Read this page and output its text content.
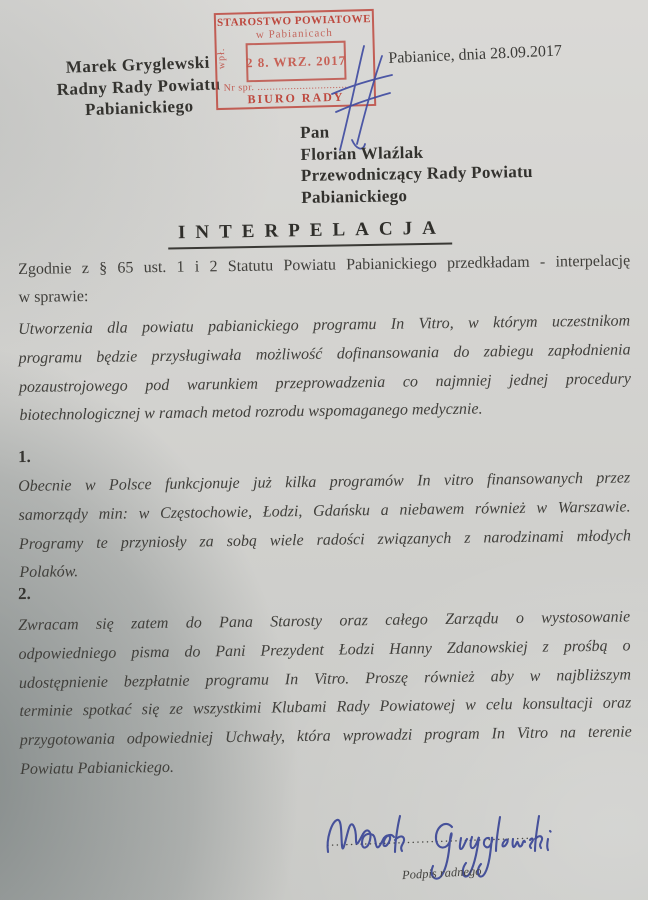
Marek Gryglewski
Radny Rady Powiatu
Pabianickiego
Pabianice, dnia 28.09.2017
STAROSTWO POWIATOWE
w Pabianicach
wpł. 2 8. WRZ. 2017
Nr spr. ..............................
BIURO RADY
Pan
Florian Wlaźlak
Przewodniczący Rady Powiatu
Pabianickiego
INTERPELACJA
Zgodnie z § 65 ust. 1 i 2 Statutu Powiatu Pabianickiego przedkładam - interpelację
w sprawie:
Utworzenia dla powiatu pabianickiego programu In Vitro, w którym uczestnikom
programu będzie przysługiwała możliwość dofinansowania do zabiegu zapłodnienia
pozaustrojowego pod warunkiem przeprowadzenia co najmniej jednej procedury
biotechnologicznej w ramach metod rozrodu wspomaganego medycznie.
1.
Obecnie w Polsce funkcjonuje już kilka programów In vitro finansowanych przez
samorządy min: w Częstochowie, Łodzi, Gdańsku a niebawem również w Warszawie.
Programy te przyniosły za sobą wiele radości związanych z narodzinami młodych
Polaków.
2.
Zwracam się zatem do Pana Starosty oraz całego Zarządu o wystosowanie
odpowiedniego pisma do Pani Prezydent Łodzi Hanny Zdanowskiej z prośbą o
udostępnienie bezpłatnie programu In Vitro. Proszę również aby w najbliższym
terminie spotkać się ze wszystkimi Klubami Rady Powiatowej w celu konsultacji oraz
przygotowania odpowiedniej Uchwały, która wprowadzi program In Vitro na terenie
Powiatu Pabianickiego.
.............................................
Podpis radnego
